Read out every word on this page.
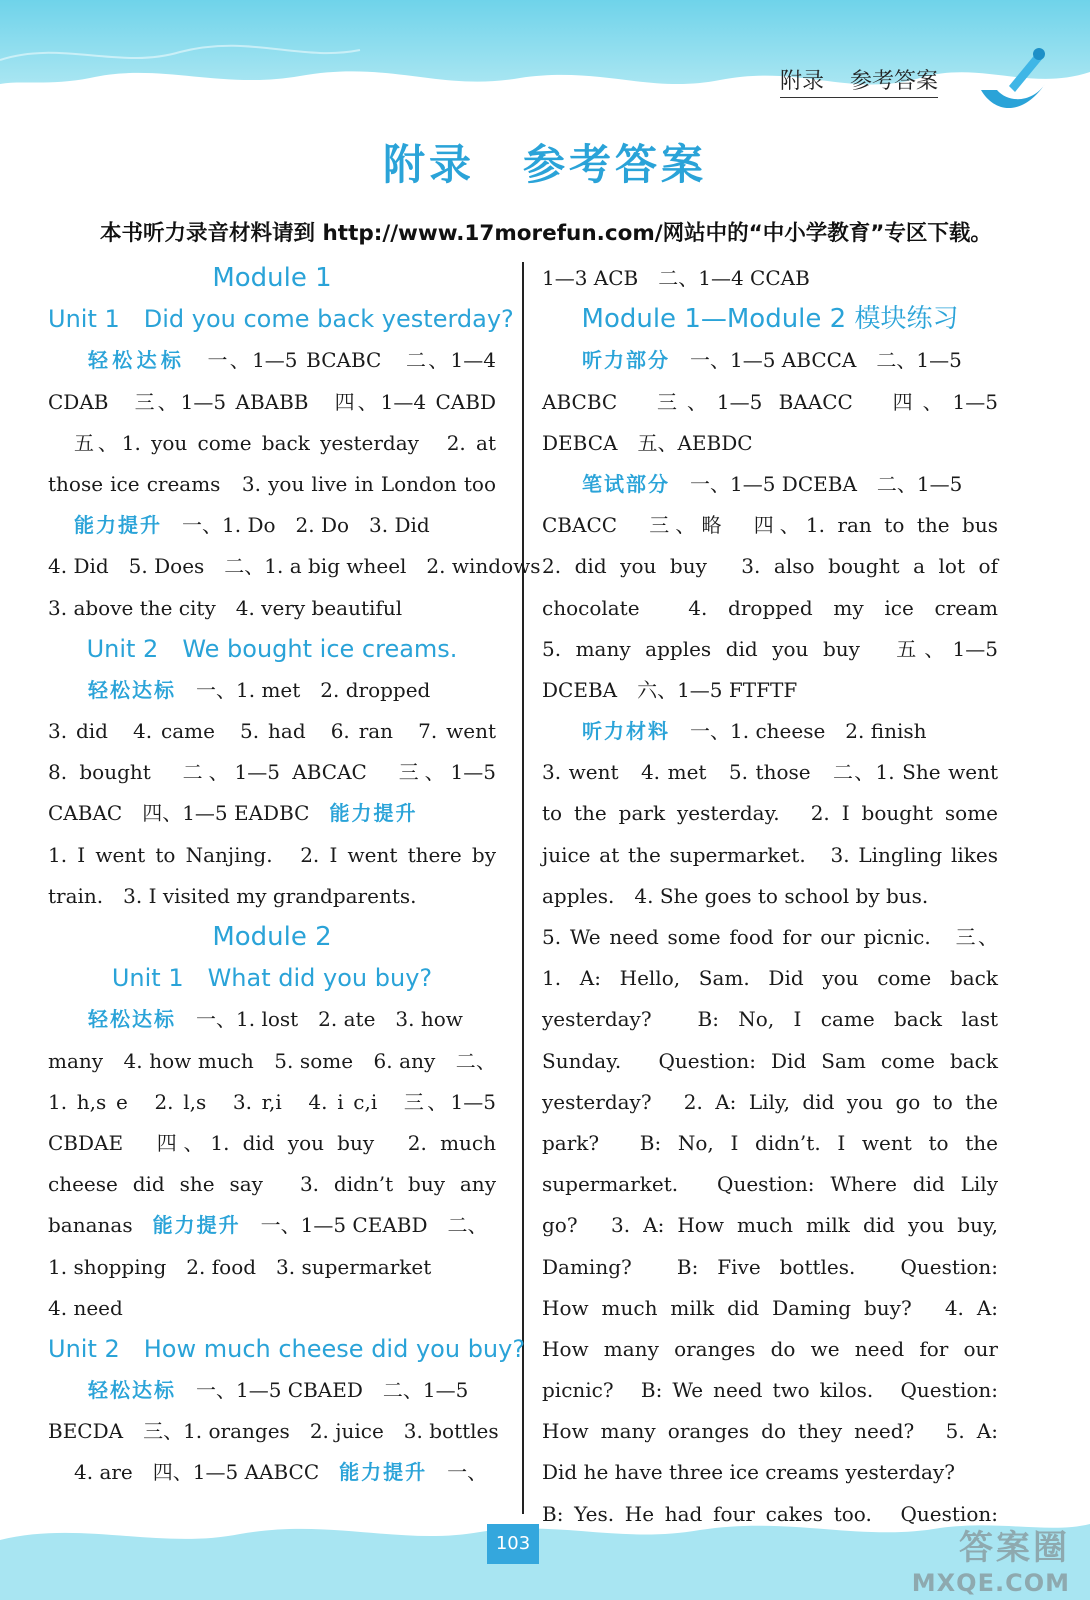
附录 参考答案
附录 参考答案
本书听力录音材料请到 http://www.17morefun.com/网站中的“中小学教育”专区下载。
Module 1
Unit 1　Did you come back yesterday?
轻松达标　 一、1—5 BCABC　二、1—4
CDAB　三、1—5 ABABB　四、1—4 CABD
五、1. you come back yesterday　2. at
those ice creams　3. you live in London too
能力提升　 一、1. Do　2. Do　3. Did
4. Did　5. Does　二、1. a big wheel　2. windows
3. above the city　4. very beautiful
Unit 2　We bought ice creams.
轻松达标　 一、1. met　2. dropped
3. did　4. came　5. had　6. ran　7. went
8. bought　二、1—5 ABCAC　三、1—5
CABAC　四、1—5 EADBC　 能力提升
1. I went to Nanjing.　2. I went there by
train.　3. I visited my grandparents.
Module 2
Unit 1　What did you buy?
轻松达标　 一、1. lost　2. ate　3. how
many　4. how much　5. some　6. any　二、
1. h,s e　2. l,s　3. r,i　4. i c,i　三、1—5
CBDAE　四、1. did you buy　2. much
cheese did she say　3. didn’t buy any
bananas　 能力提升　 一、1—5 CEABD　二、
1. shopping　2. food　3. supermarket
4. need
Unit 2　How much cheese did you buy?
轻松达标　 一、1—5 CBAED　二、1—5
BECDA　三、1. oranges　2. juice　3. bottles
4. are　四、1—5 AABCC　 能力提升　 一、
1—3 ACB　二、1—4 CCAB
Module 1—Module 2 模块练习
听力部分　 一、1—5 ABCCA　二、1—5
ABCBC　三、1—5 BAACC　四、1—5
DEBCA　五、AEBDC
笔试部分　 一、1—5 DCEBA　二、1—5
CBACC　三、略　四、1. ran to the bus
2. did you buy　3. also bought a lot of
chocolate　4. dropped my ice cream
5. many apples did you buy　五、1—5
DCEBA　六、1—5 FTFTF
听力材料　 一、1. cheese　2. finish
3. went　4. met　5. those　二、1. She went
to the park yesterday.　2. I bought some
juice at the supermarket.　3. Lingling likes
apples.　4. She goes to school by bus.
5. We need some food for our picnic.　三、
1. A: Hello, Sam. Did you come back
yesterday?　B: No, I came back last
Sunday.　Question: Did Sam come back
yesterday?　2. A: Lily, did you go to the
park?　B: No, I didn’t. I went to the
supermarket.　Question: Where did Lily
go?　3. A: How much milk did you buy,
Daming?　B: Five bottles.　Question:
How much milk did Daming buy?　4. A:
How many oranges do we need for our
picnic?　B: We need two kilos.　Question:
How many oranges do they need?　5. A:
Did he have three ice creams yesterday?
B: Yes. He had four cakes too.　Question:
103	答案圈
MXQE.COM
